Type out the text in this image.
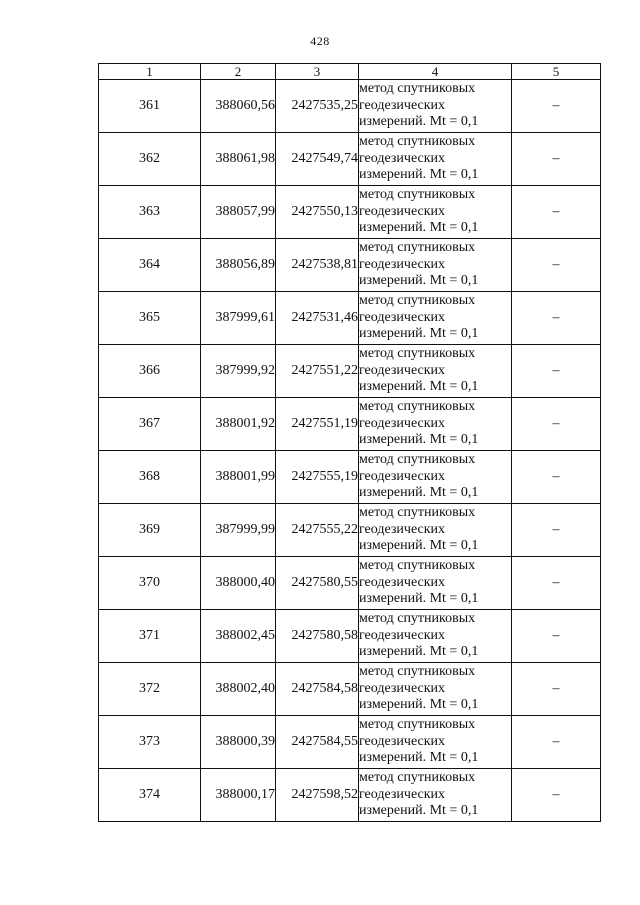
428
1	2	3	4	5
361	388060,56	2427535,25	метод спутниковых
геодезических
измерений. Mt = 0,1	–
362	388061,98	2427549,74	метод спутниковых
геодезических
измерений. Mt = 0,1	–
363	388057,99	2427550,13	метод спутниковых
геодезических
измерений. Mt = 0,1	–
364	388056,89	2427538,81	метод спутниковых
геодезических
измерений. Mt = 0,1	–
365	387999,61	2427531,46	метод спутниковых
геодезических
измерений. Mt = 0,1	–
366	387999,92	2427551,22	метод спутниковых
геодезических
измерений. Mt = 0,1	–
367	388001,92	2427551,19	метод спутниковых
геодезических
измерений. Mt = 0,1	–
368	388001,99	2427555,19	метод спутниковых
геодезических
измерений. Mt = 0,1	–
369	387999,99	2427555,22	метод спутниковых
геодезических
измерений. Mt = 0,1	–
370	388000,40	2427580,55	метод спутниковых
геодезических
измерений. Mt = 0,1	–
371	388002,45	2427580,58	метод спутниковых
геодезических
измерений. Mt = 0,1	–
372	388002,40	2427584,58	метод спутниковых
геодезических
измерений. Mt = 0,1	–
373	388000,39	2427584,55	метод спутниковых
геодезических
измерений. Mt = 0,1	–
374	388000,17	2427598,52	метод спутниковых
геодезических
измерений. Mt = 0,1	–
